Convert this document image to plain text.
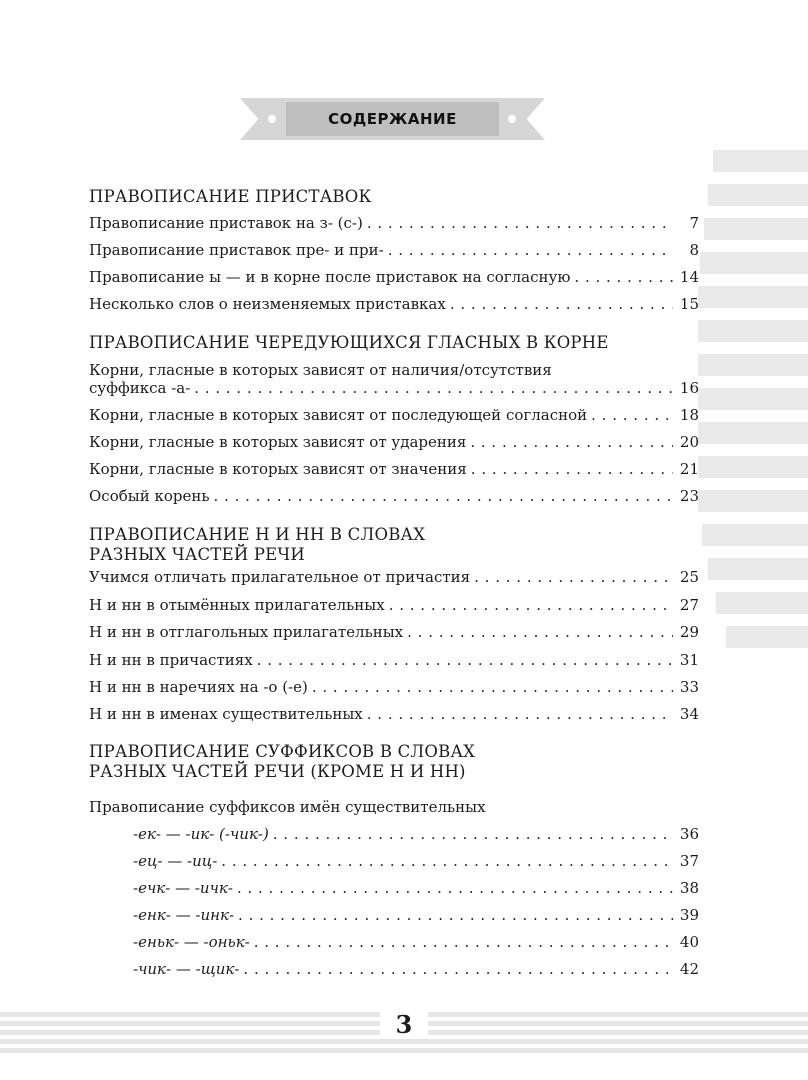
СОДЕРЖАНИЕ
ПРАВОПИСАНИЕ ПРИСТАВОК
Правописание приставок на з- (с-) . . .	7
Правописание приставок пре- и при- . . .	8
Правописание ы — и в корне после приставок на согласную . . .	14
Несколько слов о неизменяемых приставках . . .	15
ПРАВОПИСАНИЕ ЧЕРЕДУЮЩИХСЯ ГЛАСНЫХ В КОРНЕ
Корни, гласные в которых зависят от наличия/отсутствия
суффикса -а- . . .	16
Корни, гласные в которых зависят от последующей согласной . . .	18
Корни, гласные в которых зависят от ударения . . .	20
Корни, гласные в которых зависят от значения . . .	21
Особый корень . . .	23
ПРАВОПИСАНИЕ Н И НН В СЛОВАХ
РАЗНЫХ ЧАСТЕЙ РЕЧИ
Учимся отличать прилагательное от причастия . . .	25
Н и нн в отымённых прилагательных . . .	27
Н и нн в отглагольных прилагательных . . .	29
Н и нн в причастиях . . .	31
Н и нн в наречиях на -о (-е) . . .	33
Н и нн в именах существительных . . .	34
ПРАВОПИСАНИЕ СУФФИКСОВ В СЛОВАХ
РАЗНЫХ ЧАСТЕЙ РЕЧИ (КРОМЕ Н И НН)
Правописание суффиксов имён существительных
-ек- — -ик- (-чик-) . . .	36
-ец- — -иц- . . .	37
-ечк- — -ичк- . . .	38
-енк- — -инк- . . .	39
-еньк- — -оньк- . . .	40
-чик- — -щик- . . .	42
3
